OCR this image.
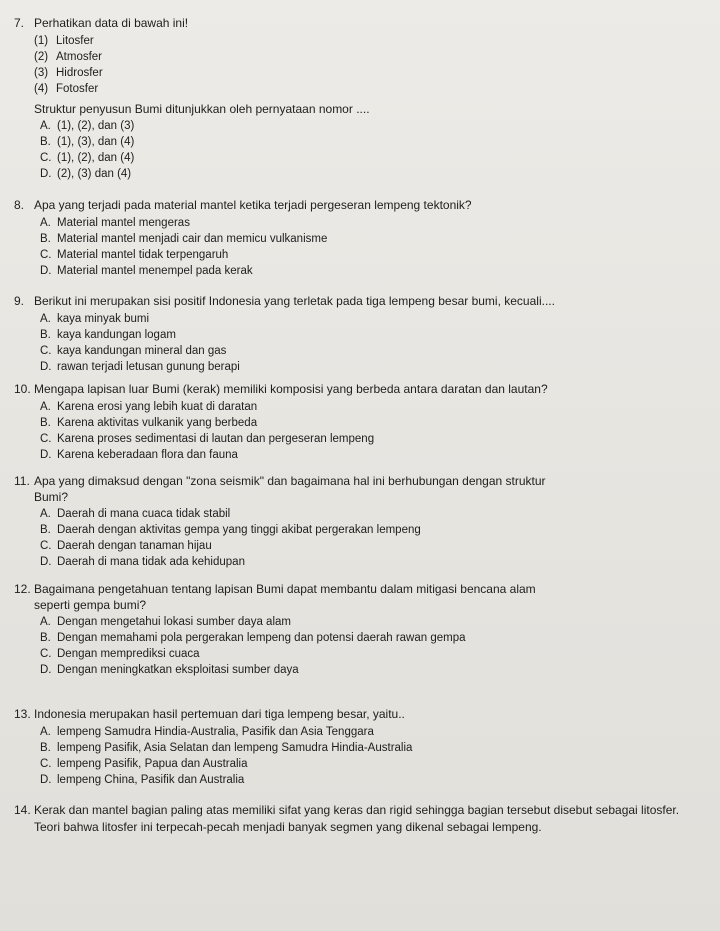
7. Perhatikan data di bawah ini!

(1) Litosfer
(2) Atmosfer
(3) Hidrosfer
(4) Fotosfer

Struktur penyusun Bumi ditunjukkan oleh pernyataan nomor ....

A. (1), (2), dan (3)
B. (1), (3), dan (4)
C. (1), (2), dan (4)
D. (2), (3) dan (4)

8. Apa yang terjadi pada material mantel ketika terjadi pergeseran lempeng tektonik?

A. Material mantel mengeras
B. Material mantel menjadi cair dan memicu vulkanisme
C. Material mantel tidak terpengaruh
D. Material mantel menempel pada kerak

9. Berikut ini merupakan sisi positif Indonesia yang terletak pada tiga lempeng besar bumi, kecuali....

A. kaya minyak bumi
B. kaya kandungan logam
C. kaya kandungan mineral dan gas
D. rawan terjadi letusan gunung berapi

10. Mengapa lapisan luar Bumi (kerak) memiliki komposisi yang berbeda antara daratan dan lautan?

A. Karena erosi yang lebih kuat di daratan
B. Karena aktivitas vulkanik yang berbeda
C. Karena proses sedimentasi di lautan dan pergeseran lempeng
D. Karena keberadaan flora dan fauna

11. Apa yang dimaksud dengan "zona seismik" dan bagaimana hal ini berhubungan dengan struktur Bumi?

A. Daerah di mana cuaca tidak stabil
B. Daerah dengan aktivitas gempa yang tinggi akibat pergerakan lempeng
C. Daerah dengan tanaman hijau
D. Daerah di mana tidak ada kehidupan

12. Bagaimana pengetahuan tentang lapisan Bumi dapat membantu dalam mitigasi bencana alam seperti gempa bumi?

A. Dengan mengetahui lokasi sumber daya alam
B. Dengan memahami pola pergerakan lempeng dan potensi daerah rawan gempa
C. Dengan memprediksi cuaca
D. Dengan meningkatkan eksploitasi sumber daya

13. Indonesia merupakan hasil pertemuan dari tiga lempeng besar, yaitu..

A. lempeng Samudra Hindia-Australia, Pasifik dan Asia Tenggara
B. lempeng Pasifik, Asia Selatan dan lempeng Samudra Hindia-Australia
C. lempeng Pasifik, Papua dan Australia
D. lempeng China, Pasifik dan Australia

14. Kerak dan mantel bagian paling atas memiliki sifat yang keras dan rigid sehingga bagian tersebut disebut sebagai litosfer. Teori bahwa litosfer ini terpecah-pecah menjadi banyak segmen yang dikenal sebagai lempeng.
